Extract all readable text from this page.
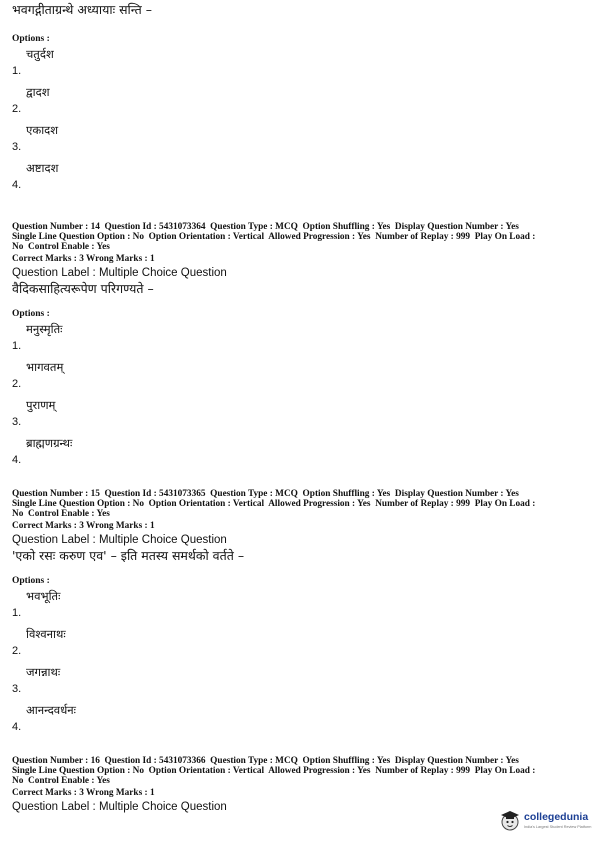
भवगद्गीताग्रन्थे अध्यायाः सन्ति –
Options :
1.
चतुर्दश
2.
द्वादश
3.
एकादश
4.
अष्टादश
Question Number : 14  Question Id : 5431073364  Question Type : MCQ  Option Shuffling : Yes  Display Question Number : Yes
Single Line Question Option : No  Option Orientation : Vertical  Allowed Progression : Yes  Number of Replay : 999  Play On Load :
No  Control Enable : Yes
Correct Marks : 3 Wrong Marks : 1
Question Label : Multiple Choice Question
वैदिकसाहित्यरूपेण परिगण्यते –
Options :
1.
मनुस्मृतिः
2.
भागवतम्
3.
पुराणम्
4.
ब्राह्मणग्रन्थः
Question Number : 15  Question Id : 5431073365  Question Type : MCQ  Option Shuffling : Yes  Display Question Number : Yes
Single Line Question Option : No  Option Orientation : Vertical  Allowed Progression : Yes  Number of Replay : 999  Play On Load :
No  Control Enable : Yes
Correct Marks : 3 Wrong Marks : 1
Question Label : Multiple Choice Question
'एको रसः करुण एव' – इति मतस्य समर्थको वर्तते –
Options :
1.
भवभूतिः
2.
विश्वनाथः
3.
जगन्नाथः
4.
आनन्दवर्धनः
Question Number : 16  Question Id : 5431073366  Question Type : MCQ  Option Shuffling : Yes  Display Question Number : Yes
Single Line Question Option : No  Option Orientation : Vertical  Allowed Progression : Yes  Number of Replay : 999  Play On Load :
No  Control Enable : Yes
Correct Marks : 3 Wrong Marks : 1
Question Label : Multiple Choice Question
collegedunia
India's Largest Student Review Platform
